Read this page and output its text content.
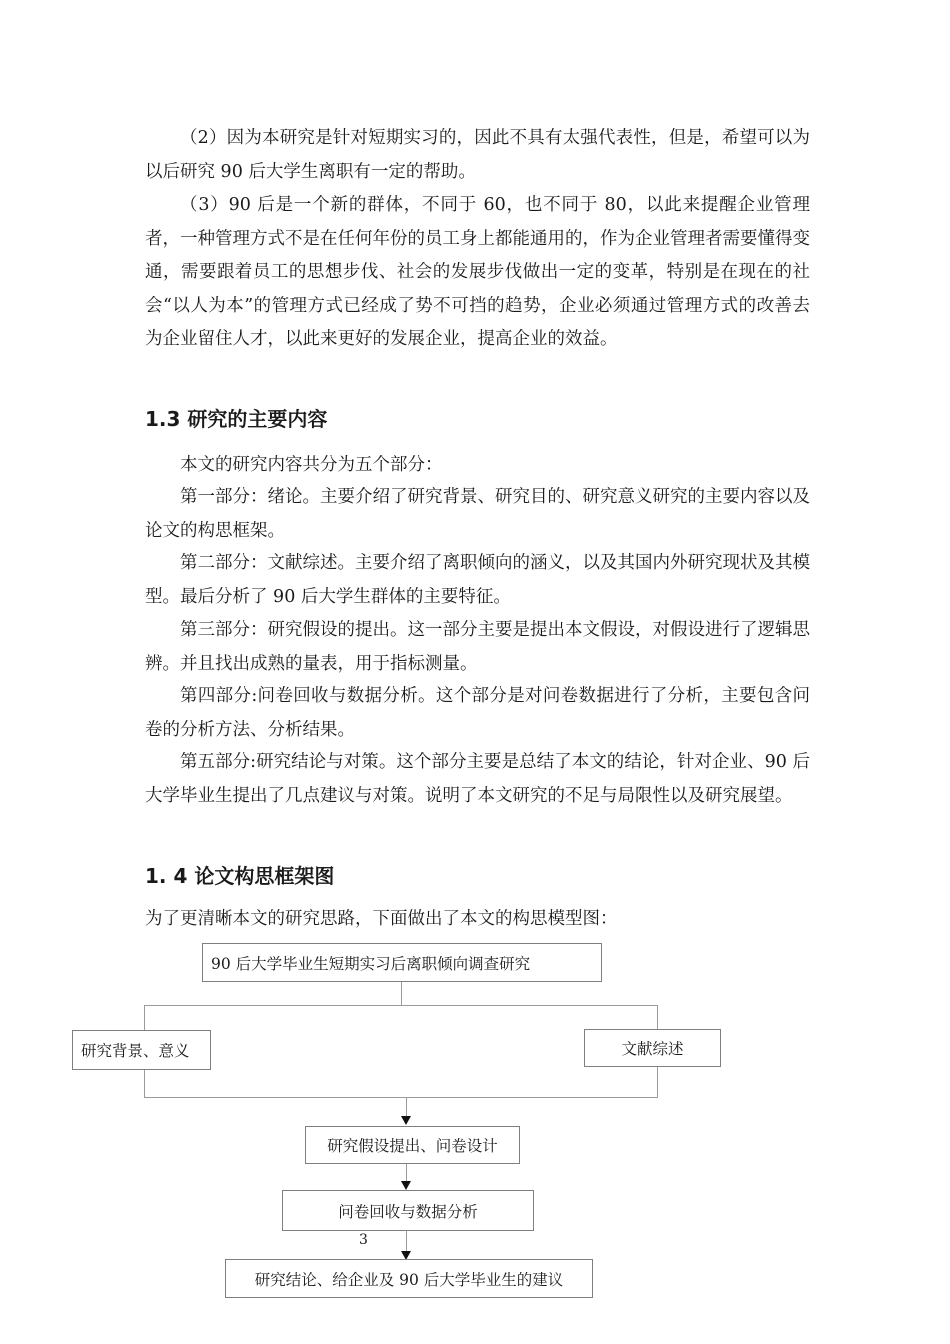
（2）因为本研究是针对短期实习的，因此不具有太强代表性，但是，希望可以为以后研究 90 后大学生离职有一定的帮助。

（3）90 后是一个新的群体，不同于 60，也不同于 80，以此来提醒企业管理者，一种管理方式不是在任何年份的员工身上都能通用的，作为企业管理者需要懂得变通，需要跟着员工的思想步伐、社会的发展步伐做出一定的变革，特别是在现在的社会“以人为本”的管理方式已经成了势不可挡的趋势，企业必须通过管理方式的改善去为企业留住人才，以此来更好的发展企业，提高企业的效益。

1.3 研究的主要内容

本文的研究内容共分为五个部分：

第一部分：绪论。主要介绍了研究背景、研究目的、研究意义研究的主要内容以及论文的构思框架。

第二部分：文献综述。主要介绍了离职倾向的涵义，以及其国内外研究现状及其模型。最后分析了 90 后大学生群体的主要特征。

第三部分：研究假设的提出。这一部分主要是提出本文假设，对假设进行了逻辑思辨。并且找出成熟的量表，用于指标测量。

第四部分:问卷回收与数据分析。这个部分是对问卷数据进行了分析，主要包含问卷的分析方法、分析结果。

第五部分:研究结论与对策。这个部分主要是总结了本文的结论，针对企业、90 后大学毕业生提出了几点建议与对策。说明了本文研究的不足与局限性以及研究展望。

1. 4 论文构思框架图

为了更清晰本文的研究思路，下面做出了本文的构思模型图：

90 后大学毕业生短期实习后离职倾向调查研究
研究背景、意义	文献综述
研究假设提出、问卷设计
问卷回收与数据分析
研究结论、给企业及 90 后大学毕业生的建议
3
